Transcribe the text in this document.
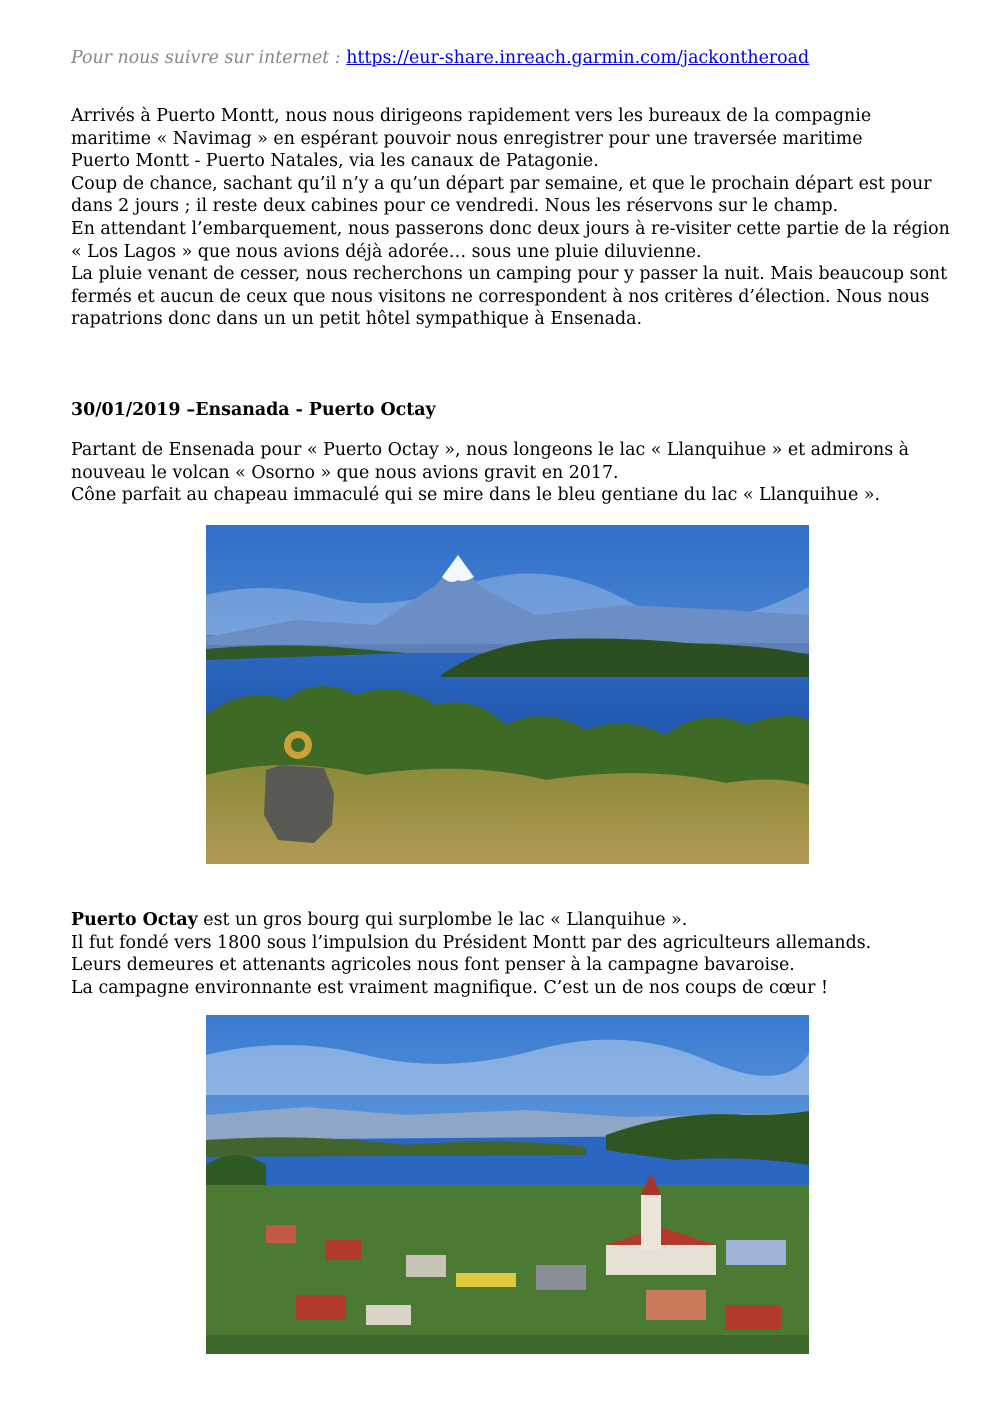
Pour nous suivre sur internet : https://eur-share.inreach.garmin.com/jackontheroad
Arrivés à Puerto Montt, nous nous dirigeons rapidement vers les bureaux de la compagnie
maritime « Navimag » en espérant pouvoir nous enregistrer pour une traversée maritime
Puerto Montt - Puerto Natales, via les canaux de Patagonie.
Coup de chance, sachant qu’il n’y a qu’un départ par semaine, et que le prochain départ est pour
dans 2 jours ; il reste deux cabines pour ce vendredi. Nous les réservons sur le champ.
En attendant l’embarquement, nous passerons donc deux jours à re-visiter cette partie de la région
« Los Lagos » que nous avions déjà adorée… sous une pluie diluvienne.
La pluie venant de cesser, nous recherchons un camping pour y passer la nuit. Mais beaucoup sont
fermés et aucun de ceux que nous visitons ne correspondent à nos critères d’élection. Nous nous
rapatrions donc dans un un petit hôtel sympathique à Ensenada.
30/01/2019 –Ensanada - Puerto Octay
Partant de Ensenada pour « Puerto Octay », nous longeons le lac « Llanquihue » et admirons à
nouveau le volcan « Osorno » que nous avions gravit en 2017.
Cône parfait au chapeau immaculé qui se mire dans le bleu gentiane du lac « Llanquihue ».
Puerto Octay est un gros bourg qui surplombe le lac « Llanquihue ».
Il fut fondé vers 1800 sous l’impulsion du Président Montt par des agriculteurs allemands.
Leurs demeures et attenants agricoles nous font penser à la campagne bavaroise.
La campagne environnante est vraiment magnifique. C’est un de nos coups de cœur !
